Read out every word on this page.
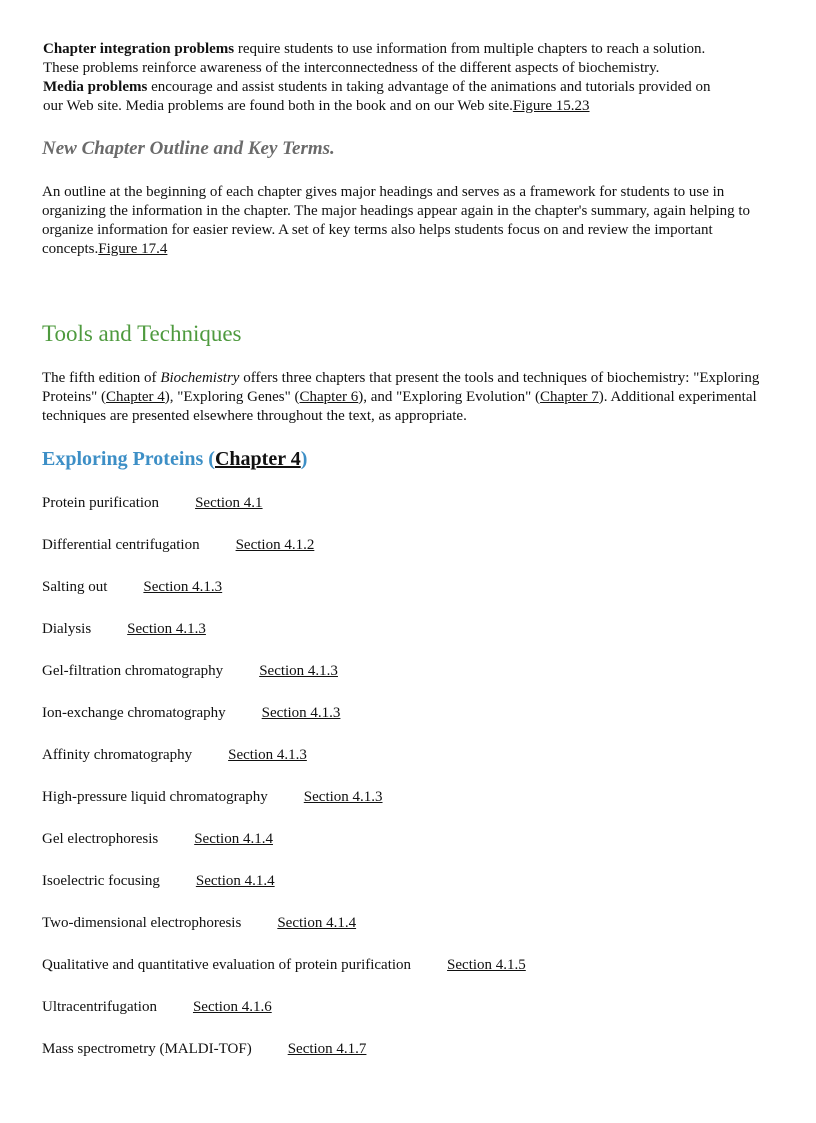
Chapter integration problems require students to use information from multiple chapters to reach a solution. These problems reinforce awareness of the interconnectedness of the different aspects of biochemistry.

Media problems encourage and assist students in taking advantage of the animations and tutorials provided on our Web site. Media problems are found both in the book and on our Web site.Figure 15.23

New Chapter Outline and Key Terms.

An outline at the beginning of each chapter gives major headings and serves as a framework for students to use in organizing the information in the chapter. The major headings appear again in the chapter's summary, again helping to organize information for easier review. A set of key terms also helps students focus on and review the important concepts.Figure 17.4

Tools and Techniques

The fifth edition of Biochemistry offers three chapters that present the tools and techniques of biochemistry: "Exploring Proteins" (Chapter 4), "Exploring Genes" (Chapter 6), and "Exploring Evolution" (Chapter 7). Additional experimental techniques are presented elsewhere throughout the text, as appropriate.

Exploring Proteins (Chapter 4)
Protein purification Section 4.1
Differential centrifugation Section 4.1.2
Salting out Section 4.1.3
Dialysis Section 4.1.3
Gel-filtration chromatography Section 4.1.3
Ion-exchange chromatography Section 4.1.3
Affinity chromatography Section 4.1.3
High-pressure liquid chromatography Section 4.1.3
Gel electrophoresis Section 4.1.4
Isoelectric focusing Section 4.1.4
Two-dimensional electrophoresis Section 4.1.4
Qualitative and quantitative evaluation of protein purification Section 4.1.5
Ultracentrifugation Section 4.1.6
Mass spectrometry (MALDI-TOF) Section 4.1.7
